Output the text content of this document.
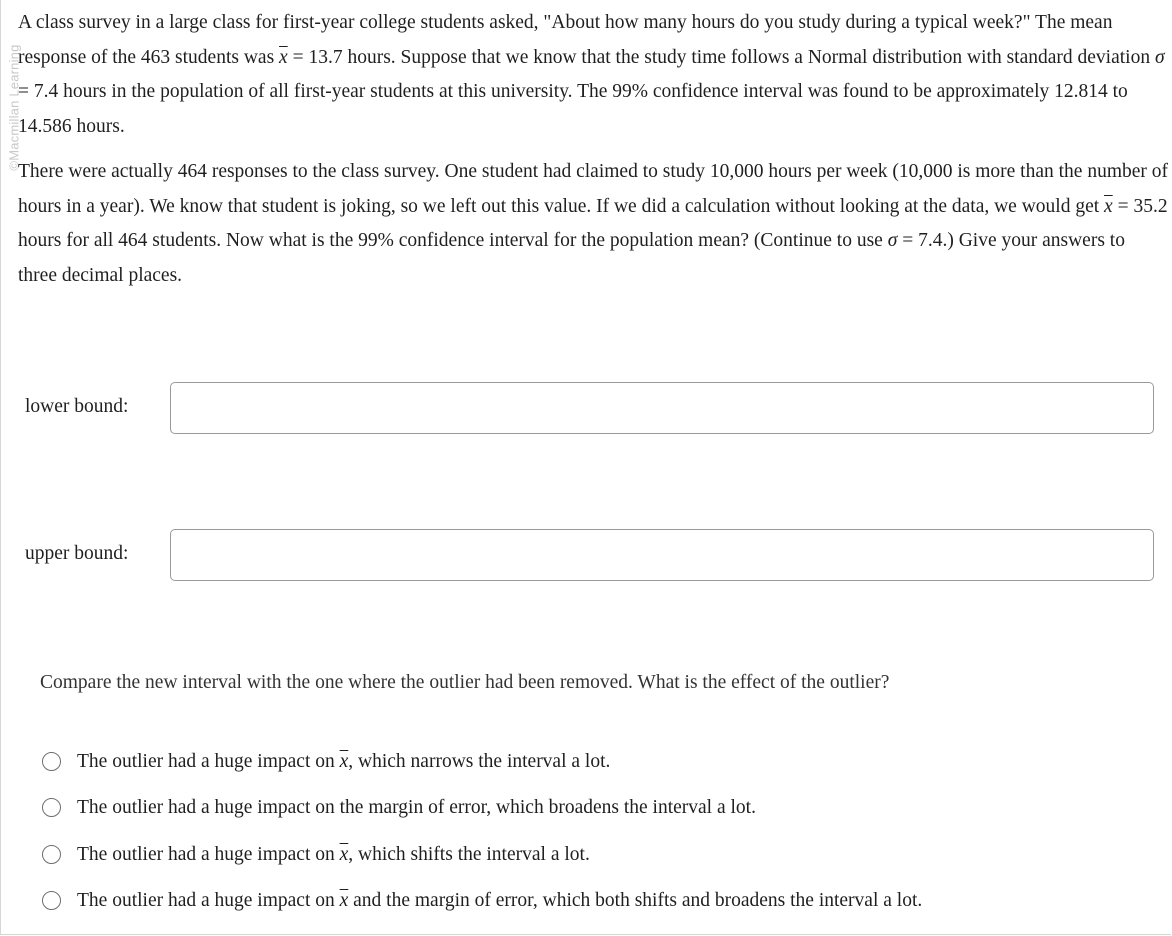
©Macmillan Learning

A class survey in a large class for first-year college students asked, "About how many hours do you study during a typical week?" The mean response of the 463 students was $\overline{x} = 13.7$ hours. Suppose that we know that the study time follows a Normal distribution with standard deviation σ = 7.4 hours in the population of all first-year students at this university. The 99% confidence interval was found to be approximately 12.814 to 14.586 hours.

There were actually 464 responses to the class survey. One student had claimed to study 10,000 hours per week (10,000 is more than the number of hours in a year). We know that student is joking, so we left out this value. If we did a calculation without looking at the data, we would get $\overline{x} = 35.2$ hours for all 464 students. Now what is the 99% confidence interval for the population mean? (Continue to use σ = 7.4.) Give your answers to three decimal places.

lower bound:
upper bound:

Compare the new interval with the one where the outlier had been removed. What is the effect of the outlier?

The outlier had a huge impact on $\overline{x}$, which narrows the interval a lot.
The outlier had a huge impact on the margin of error, which broadens the interval a lot.
The outlier had a huge impact on $\overline{x}$, which shifts the interval a lot.
The outlier had a huge impact on $\overline{x}$ and the margin of error, which both shifts and broadens the interval a lot.
